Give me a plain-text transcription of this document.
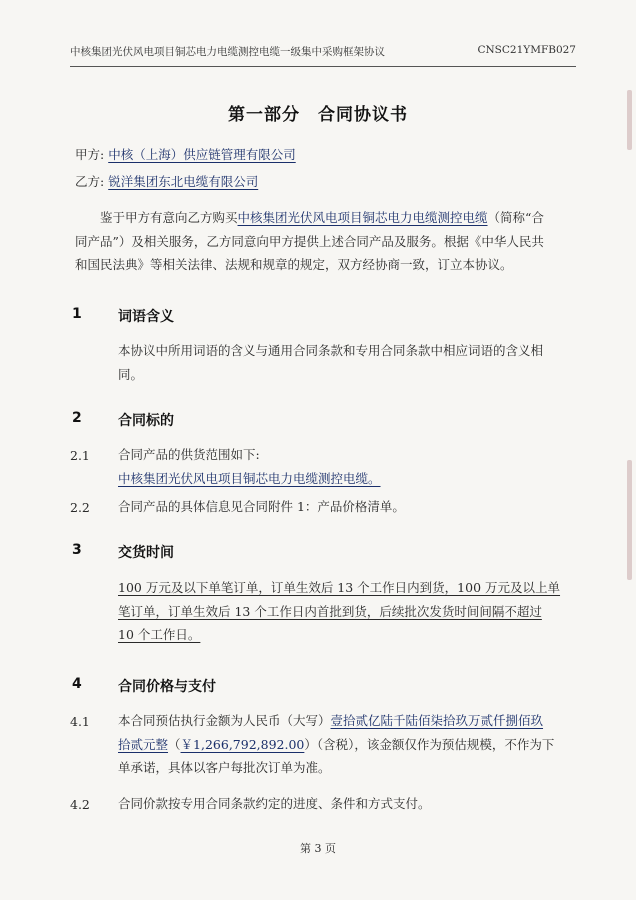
中核集团光伏风电项目铜芯电力电缆测控电缆一级集中采购框架协议	CNSC21YMFB027
第一部分　合同协议书
甲方: 中核（上海）供应链管理有限公司
乙方: 锐洋集团东北电缆有限公司
鉴于甲方有意向乙方购买中核集团光伏风电项目铜芯电力电缆测控电缆（简称“合
同产品”）及相关服务，乙方同意向甲方提供上述合同产品及服务。根据《中华人民共
和国民法典》等相关法律、法规和规章的规定，双方经协商一致，订立本协议。
1	词语含义
本协议中所用词语的含义与通用合同条款和专用合同条款中相应词语的含义相
同。
2	合同标的
2.1 合同产品的供货范围如下:
中核集团光伏风电项目铜芯电力电缆测控电缆。
2.2 合同产品的具体信息见合同附件 1：产品价格清单。
3	交货时间
100 万元及以下单笔订单，订单生效后 13 个工作日内到货，100 万元及以上单
笔订单，订单生效后 13 个工作日内首批到货，后续批次发货时间间隔不超过
10 个工作日。
4	合同价格与支付
4.1 本合同预估执行金额为人民币（大写）壹拾贰亿陆千陆佰柒拾玖万贰仟捌佰玖
拾贰元整（￥1,266,792,892.00）（含税），该金额仅作为预估规模，不作为下
单承诺，具体以客户每批次订单为准。
4.2 合同价款按专用合同条款约定的进度、条件和方式支付。
第 3 页
